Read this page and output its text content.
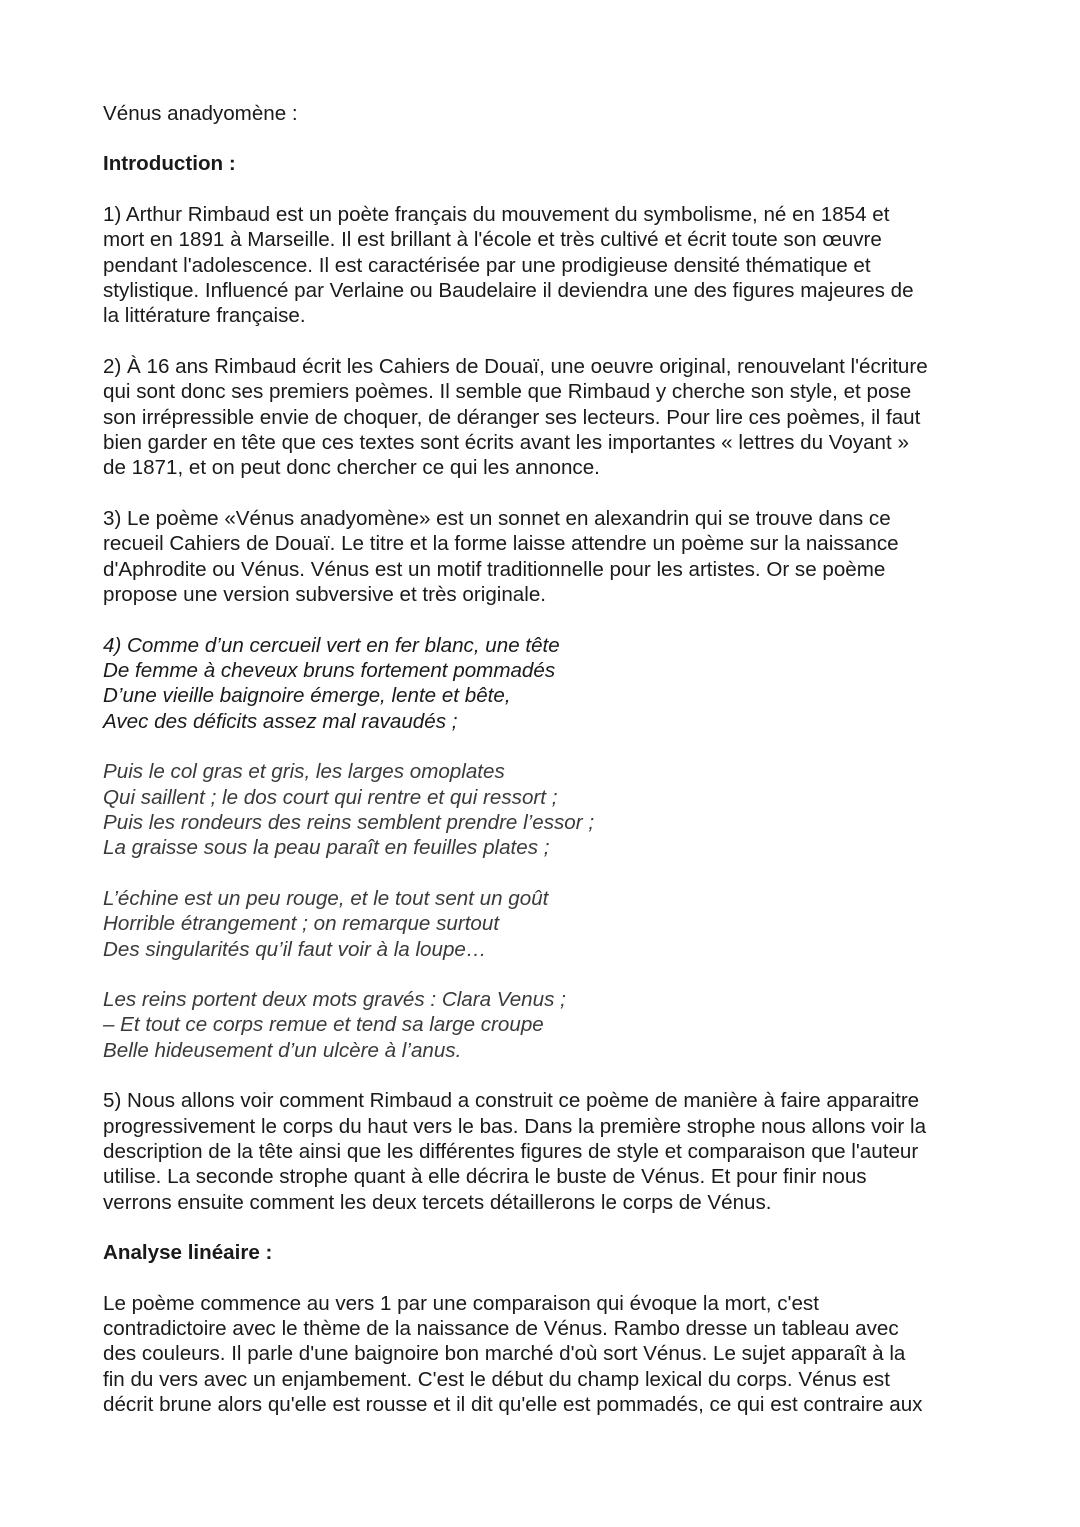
Vénus anadyomène :
Introduction :
1) Arthur Rimbaud est un poète français du mouvement du symbolisme, né en 1854 et
mort en 1891 à Marseille. Il est brillant à l'école et très cultivé et écrit toute son œuvre
pendant l'adolescence. Il est caractérisée par une prodigieuse densité thématique et
stylistique. Influencé par Verlaine ou Baudelaire il deviendra une des figures majeures de
la littérature française.
2) À 16 ans Rimbaud écrit les Cahiers de Douaï, une oeuvre original, renouvelant l'écriture
qui sont donc ses premiers poèmes. Il semble que Rimbaud y cherche son style, et pose
son irrépressible envie de choquer, de déranger ses lecteurs. Pour lire ces poèmes, il faut
bien garder en tête que ces textes sont écrits avant les importantes « lettres du Voyant »
de 1871, et on peut donc chercher ce qui les annonce.
3) Le poème «Vénus anadyomène» est un sonnet en alexandrin qui se trouve dans ce
recueil Cahiers de Douaï. Le titre et la forme laisse attendre un poème sur la naissance
d'Aphrodite ou Vénus. Vénus est un motif traditionnelle pour les artistes. Or se poème
propose une version subversive et très originale.
4) Comme d’un cercueil vert en fer blanc, une tête
De femme à cheveux bruns fortement pommadés
D’une vieille baignoire émerge, lente et bête,
Avec des déficits assez mal ravaudés ;
Puis le col gras et gris, les larges omoplates
Qui saillent ; le dos court qui rentre et qui ressort ;
Puis les rondeurs des reins semblent prendre l’essor ;
La graisse sous la peau paraît en feuilles plates ;
L’échine est un peu rouge, et le tout sent un goût
Horrible étrangement ; on remarque surtout
Des singularités qu’il faut voir à la loupe…
Les reins portent deux mots gravés : Clara Venus ;
– Et tout ce corps remue et tend sa large croupe
Belle hideusement d’un ulcère à l’anus.
5) Nous allons voir comment Rimbaud a construit ce poème de manière à faire apparaitre
progressivement le corps du haut vers le bas. Dans la première strophe nous allons voir la
description de la tête ainsi que les différentes figures de style et comparaison que l'auteur
utilise. La seconde strophe quant à elle décrira le buste de Vénus. Et pour finir nous
verrons ensuite comment les deux tercets détaillerons le corps de Vénus.
Analyse linéaire :
Le poème commence au vers 1 par une comparaison qui évoque la mort, c'est
contradictoire avec le thème de la naissance de Vénus. Rambo dresse un tableau avec
des couleurs. Il parle d'une baignoire bon marché d'où sort Vénus. Le sujet apparaît à la
fin du vers avec un enjambement. C'est le début du champ lexical du corps. Vénus est
décrit brune alors qu'elle est rousse et il dit qu'elle est pommadés, ce qui est contraire aux
